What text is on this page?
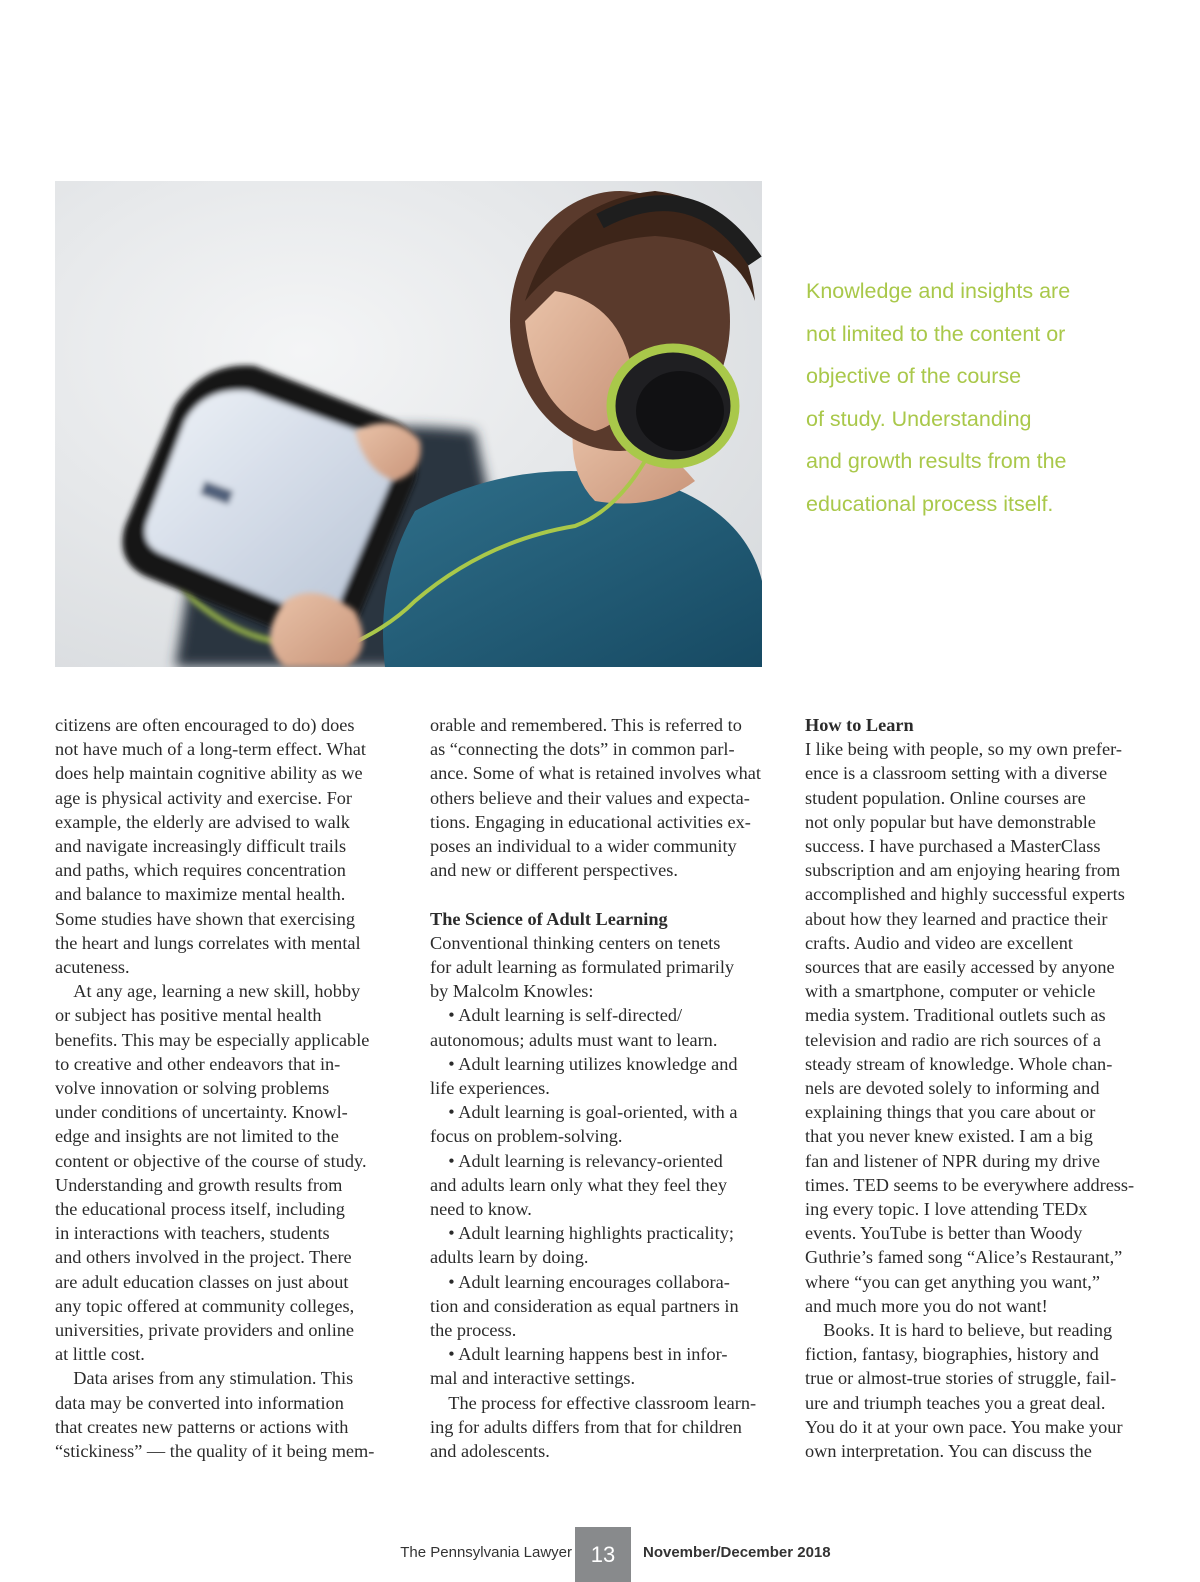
Knowledge and insights are
not limited to the content or
objective of the course
of study. Understanding
and growth results from the
educational process itself.
citizens are often encouraged to do) does
not have much of a long-term effect. What
does help maintain cognitive ability as we
age is physical activity and exercise. For
example, the elderly are advised to walk
and navigate increasingly difficult trails
and paths, which requires concentration
and balance to maximize mental health.
Some studies have shown that exercising
the heart and lungs correlates with mental
acuteness.
 At any age, learning a new skill, hobby
or subject has positive mental health
benefits. This may be especially applicable
to creative and other endeavors that in-
volve innovation or solving problems
under conditions of uncertainty. Knowl-
edge and insights are not limited to the
content or objective of the course of study.
Understanding and growth results from
the educational process itself, including
in interactions with teachers, students
and others involved in the project. There
are adult education classes on just about
any topic offered at community colleges,
universities, private providers and online
at little cost.
 Data arises from any stimulation. This
data may be converted into information
that creates new patterns or actions with
“stickiness” — the quality of it being mem-
orable and remembered. This is referred to
as “connecting the dots” in common parl-
ance. Some of what is retained involves what
others believe and their values and expecta-
tions. Engaging in educational activities ex-
poses an individual to a wider community
and new or different perspectives.
The Science of Adult Learning
Conventional thinking centers on tenets
for adult learning as formulated primarily
by Malcolm Knowles:
 • Adult learning is self-directed/
autonomous; adults must want to learn.
 • Adult learning utilizes knowledge and
life experiences.
 • Adult learning is goal-oriented, with a
focus on problem-solving.
 • Adult learning is relevancy-oriented
and adults learn only what they feel they
need to know.
 • Adult learning highlights practicality;
adults learn by doing.
 • Adult learning encourages collabora-
tion and consideration as equal partners in
the process.
 • Adult learning happens best in infor-
mal and interactive settings.
 The process for effective classroom learn-
ing for adults differs from that for children
and adolescents.
How to Learn
I like being with people, so my own prefer-
ence is a classroom setting with a diverse
student population. Online courses are
not only popular but have demonstrable
success. I have purchased a MasterClass
subscription and am enjoying hearing from
accomplished and highly successful experts
about how they learned and practice their
crafts. Audio and video are excellent
sources that are easily accessed by anyone
with a smartphone, computer or vehicle
media system. Traditional outlets such as
television and radio are rich sources of a
steady stream of knowledge. Whole chan-
nels are devoted solely to informing and
explaining things that you care about or
that you never knew existed. I am a big
fan and listener of NPR during my drive
times. TED seems to be everywhere address-
ing every topic. I love attending TEDx
events. YouTube is better than Woody
Guthrie’s famed song “Alice’s Restaurant,”
where “you can get anything you want,”
and much more you do not want!
 Books. It is hard to believe, but reading
fiction, fantasy, biographies, history and
true or almost-true stories of struggle, fail-
ure and triumph teaches you a great deal.
You do it at your own pace. You make your
own interpretation. You can discuss the
The Pennsylvania Lawyer 13	November/December 2018
